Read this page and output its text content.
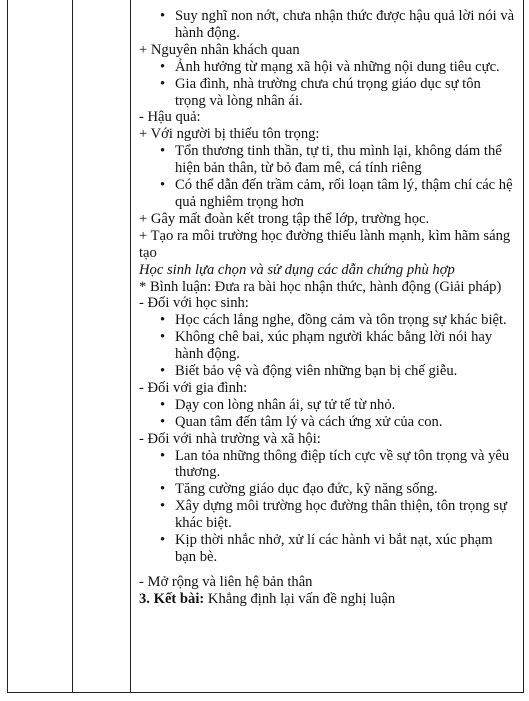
• Suy nghĩ non nớt, chưa nhận thức được hậu quả lời nói và hành động.
+ Nguyên nhân khách quan
• Ảnh hưởng từ mạng xã hội và những nội dung tiêu cực.
• Gia đình, nhà trường chưa chú trọng giáo dục sự tôn trọng và lòng nhân ái.
- Hậu quả:
+ Với người bị thiếu tôn trọng:
• Tổn thương tinh thần, tự ti, thu mình lại, không dám thể hiện bản thân, từ bỏ đam mê, cá tính riêng
• Có thể dẫn đến trầm cảm, rối loạn tâm lý, thậm chí các hệ quả nghiêm trọng hơn
+ Gây mất đoàn kết trong tập thể lớp, trường học.
+ Tạo ra môi trường học đường thiếu lành mạnh, kìm hãm sáng tạo
Học sinh lựa chọn và sử dụng các dẫn chứng phù hợp
* Bình luận: Đưa ra bài học nhận thức, hành động (Giải pháp)
- Đối với học sinh:
• Học cách lắng nghe, đồng cảm và tôn trọng sự khác biệt.
• Không chê bai, xúc phạm người khác bằng lời nói hay hành động.
• Biết bảo vệ và động viên những bạn bị chế giễu.
- Đối với gia đình:
• Dạy con lòng nhân ái, sự tử tế từ nhỏ.
• Quan tâm đến tâm lý và cách ứng xử của con.
- Đối với nhà trường và xã hội:
• Lan tỏa những thông điệp tích cực về sự tôn trọng và yêu thương.
• Tăng cường giáo dục đạo đức, kỹ năng sống.
• Xây dựng môi trường học đường thân thiện, tôn trọng sự khác biệt.
• Kịp thời nhắc nhở, xử lí các hành vi bắt nạt, xúc phạm bạn bè.
- Mở rộng và liên hệ bản thân
3. Kết bài: Khẳng định lại vấn đề nghị luận
